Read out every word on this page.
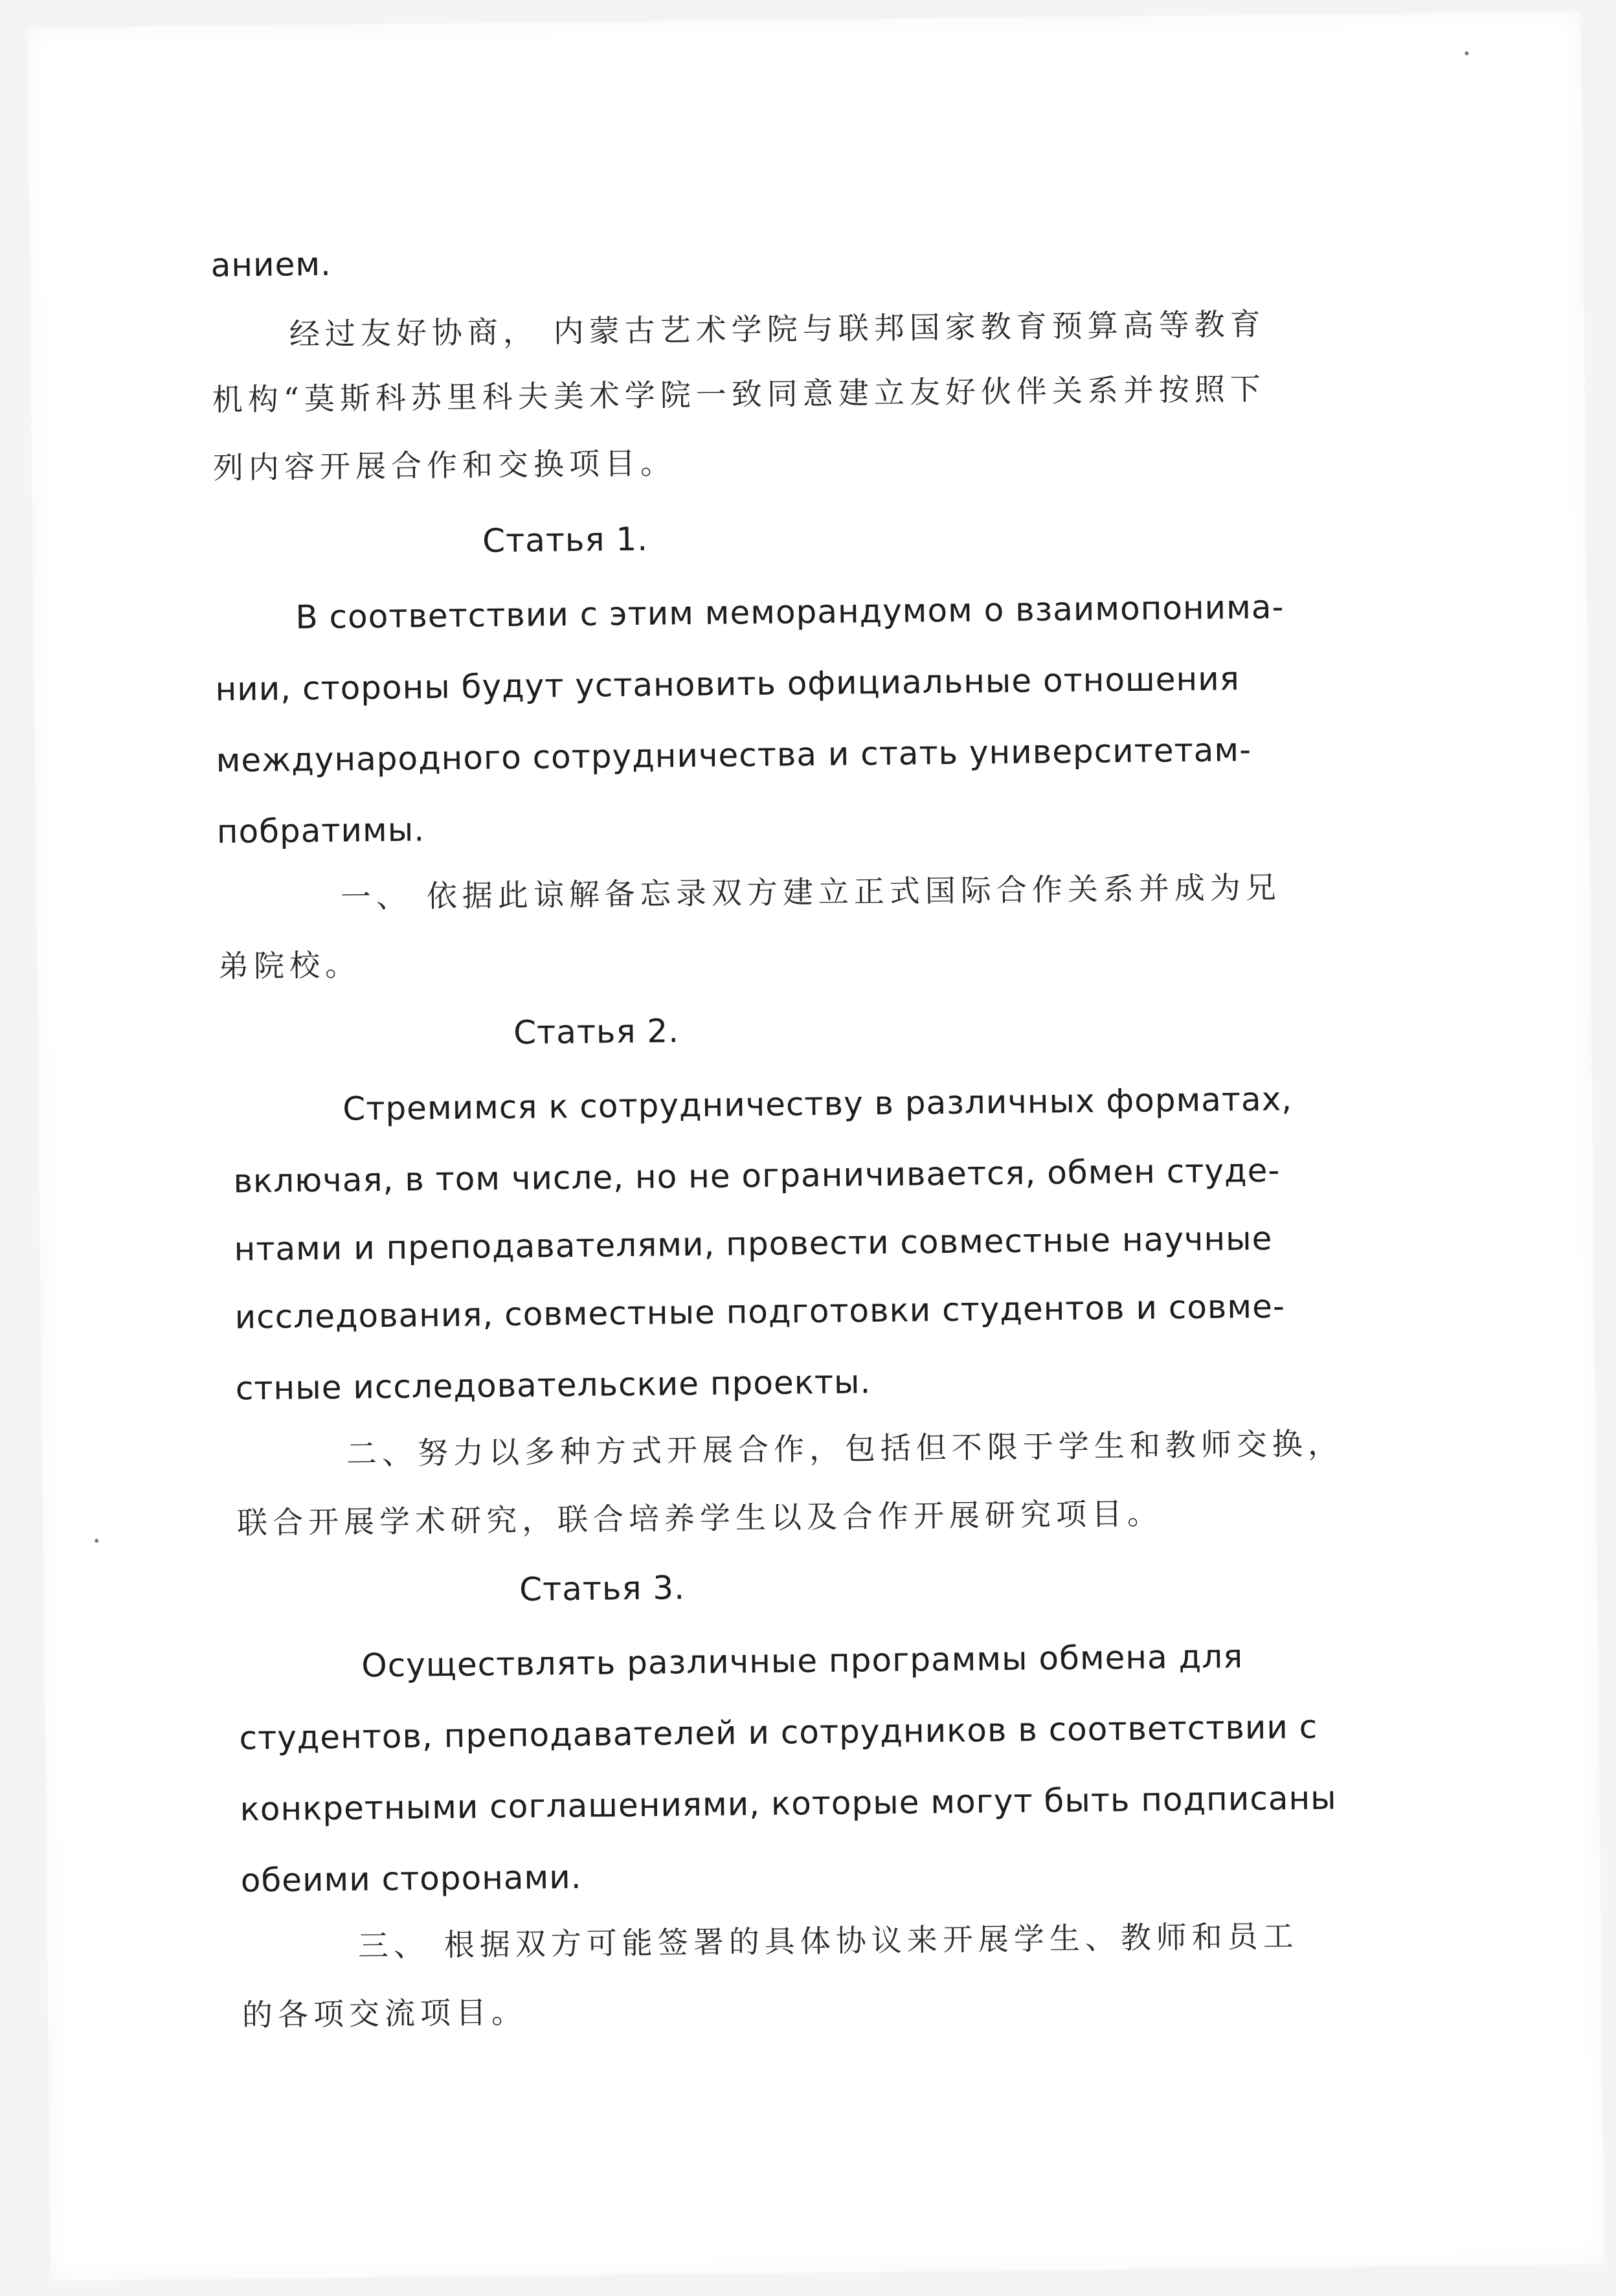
анием.
经过友好协商， 内蒙古艺术学院与联邦国家教育预算高等教育
机构“莫斯科苏里科夫美术学院一致同意建立友好伙伴关系并按照下
列内容开展合作和交换项目。
Статья 1.
В соответствии с этим меморандумом о взаимопонима-
нии, стороны будут установить официальные отношения
международного сотрудничества и стать университетам-
побратимы.
一、 依据此谅解备忘录双方建立正式国际合作关系并成为兄
弟院校。
Статья 2.
Стремимся к сотрудничеству в различных форматах,
включая, в том числе, но не ограничивается, обмен студе-
нтами и преподавателями, провести совместные научные
исследования, совместные подготовки студентов и совме-
стные исследовательские проекты.
二、努力以多种方式开展合作，包括但不限于学生和教师交换，
联合开展学术研究，联合培养学生以及合作开展研究项目。
Статья 3.
Осуществлять различные программы обмена для
студентов, преподавателей и сотрудников в соответствии с
конкретными соглашениями, которые могут быть подписаны
обеими сторонами.
三、 根据双方可能签署的具体协议来开展学生、教师和员工
的各项交流项目。
